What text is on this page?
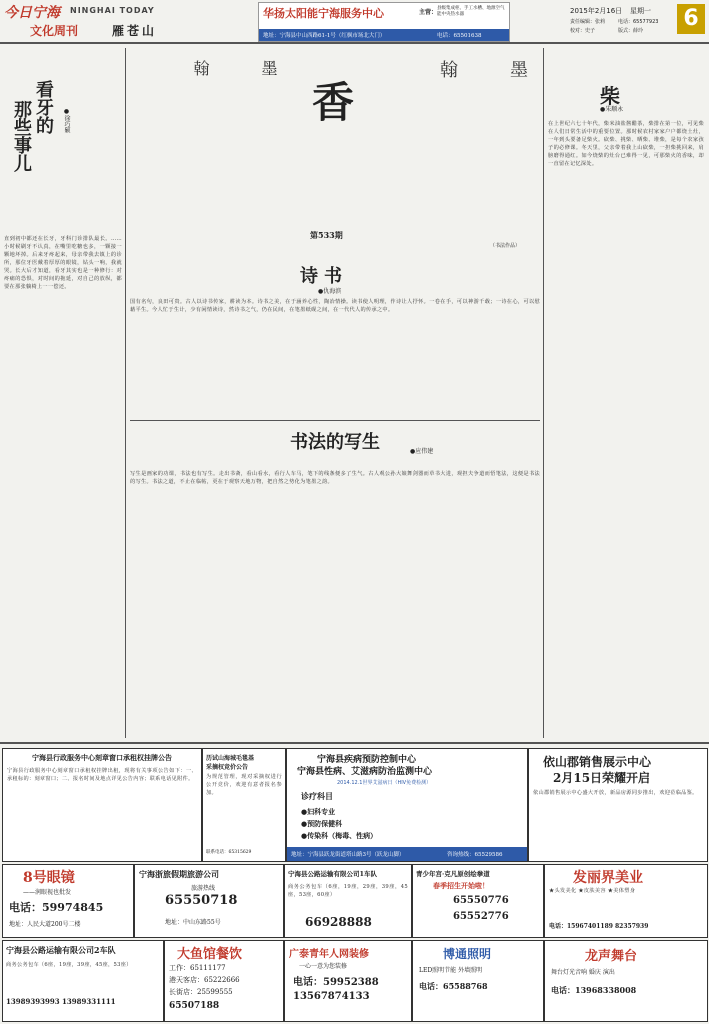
今日宁海 NINGHAI TODAY
文化周刊	雁苍山
华扬太阳能宁海服务中心	主营：
县级集成柜、手工水槽、地源空气能中央热水器
地址：宁海县中山西路61-1号（红枫市场北大门）	电话：65501638
2015年2月16日 星期一
责任编辑：张莉	电话：65577923
校对：史子	版式：薛玲 6
看牙的
那些事儿	●徐巧颖
直到初中都还在长牙，牙科门诊排队最长。……小时候刷牙不认真，在嘴里吃糖也多，一颗接一颗地坏掉。后来牙疼起来，母亲带我去镇上的诊所，那位牙医戴着厚厚的眼镜，钻头一响，我就哭。长大后才知道，看牙其实也是一种修行：对疼痛的恐惧，对时间的拖延，对自己的放纵，都要在那张躺椅上一一偿还。
翰	墨
香
第533期
翰	墨
（书法作品）
诗书
●仇海滨
国有名句，良田可贵。古人以诗书传家，耕读为本。诗书之美，在于涵养心性，陶冶情操。读书使人明理，作诗让人抒怀。一卷在手，可以神游千载；一诗在心，可以慰藉平生。今人忙于生计，少有闲情读诗，然诗书之气，仍在民间，在笔墨纸砚之间，在一代代人的传承之中。
书法的写生	●应伟建
写生是画家的功课，书法也有写生。走出书斋，看山看水，看行人车马，笔下的线条便多了生气。古人观公孙大娘舞剑器而草书大进，观担夫争道而悟笔法，这便是书法的写生。书法之道，不止在临帖，更在于观察天地万物，把自然之势化为笔墨之韵。
柴
●朱顺永
在上世纪六七十年代，柴米油盐酱醋茶，柴排在第一位，可见柴在人们日常生活中的重要位置。那时候农村家家户户都烧土灶，一年到头要备足柴火。砍柴、挑柴、晒柴、堆柴，是每个农家孩子的必修课。冬天里，父亲带着我上山砍柴，一担柴挑回来，肩膀磨得通红。如今烧柴的灶台已难得一见，可那柴火的香味，却一直留在记忆深处。
宁海县行政服务中心刻章窗口承租权挂牌公告
宁海县行政服务中心刻章窗口承租权挂牌出租，现将有关事项公告如下：一、承租标的：刻章窗口；二、报名时间及地点详见公告内容；联系电话见附件。
历试山海城毛毯基
采摘权竞价公告
为规范管理，现对采摘权进行公开竞价，欢迎有意者报名参加。
联系电话：65315629
宁海县疾病预防控制中心
宁海县性病、艾滋病防治监测中心
2014.12.1世界艾滋病日（HIV免费检测）
诊疗科目
●妇科专业
●预防保健科
●传染科（梅毒、性病）
地址：宁海县跃龙街道塔山路3号（跃龙山脚）	咨询热线：65529586
依山郡销售展示中心
2月15日荣耀开启
依山郡销售展示中心盛大开放，新品房源同步推出，欢迎莅临品鉴。
8号眼镜
——润眼视也批发
电话：59974845
地址：人民大道200号二楼
宁海浙旅假期旅游公司
旅游热线
65550718
地址：中山东路55号
宁海县公路运输有限公司1车队
商务公务包车（6座，19座，29座，39座，45座，53座，60座）
66928888
青少年宫·克凡原创绘拳道
春季招生开始啦！
65550776
65552776
发丽界美业
★头发美化 ★皮肤美容 ★美体塑身
电话：15967401189 82357939
宁海县公路运输有限公司2车队
商务公务包车（6座，19座，39座，45座，53座）
13989393993 13989331111
大鱼馆餐饮
工作：65111177
港天客店：65222666
长街店：25599555
65507188
广泰青年人网装修
一心一意为您装修
电话：59952388
13567874133
博通照明
LED照明节能 外墙照明
电话：65588768
龙声舞台
舞台灯光音响 婚庆 演出
电话：13968338008
